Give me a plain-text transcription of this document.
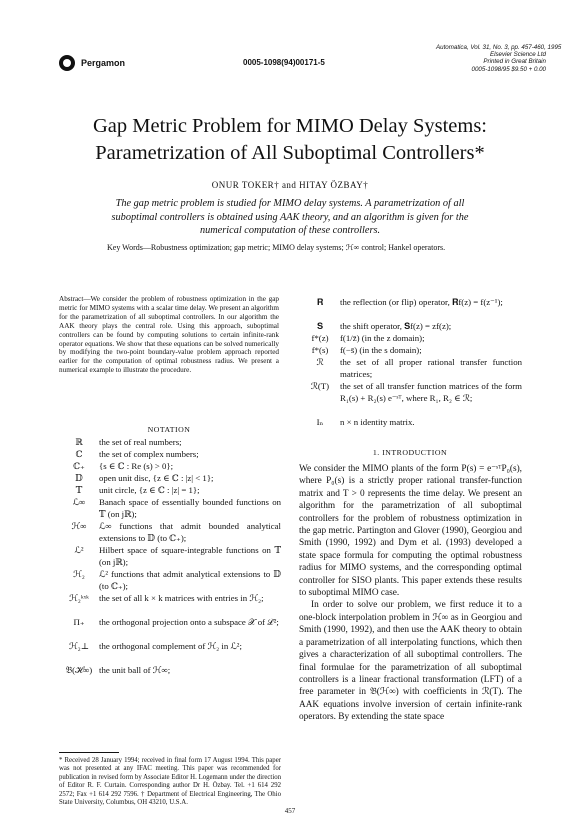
Pergamon	0005-1098(94)00171-5
Automatica, Vol. 31, No. 3, pp. 457-460, 1995
Elsevier Science Ltd
Printed in Great Britain
0005-1098/95 $9.50 + 0.00
Gap Metric Problem for MIMO Delay Systems:
Parametrization of All Suboptimal Controllers*
ONUR TOKER† and HITAY ÖZBAY†
The gap metric problem is studied for MIMO delay systems. A parametrization of all suboptimal controllers is obtained using AAK theory, and an algorithm is given for the numerical computation of these controllers.
Key Words—Robustness optimization; gap metric; MIMO delay systems; ℋ∞ control; Hankel operators.
Abstract—We consider the problem of robustness optimization in the gap metric for MIMO systems with a scalar time delay. We present an algorithm for the parametrization of all suboptimal controllers. In our algorithm the AAK theory plays the central role. Using this approach, suboptimal controllers can be found by computing solutions to certain infinite-rank operator equations. We show that these equations can be solved numerically by modifying the two-point boundary-value problem approach reported earlier for the computation of optimal robustness radius. We present a numerical example to illustrate the procedure.
NOTATION
* Received 28 January 1994; received in final form 17 August 1994. This paper was not presented at any IFAC meeting. This paper was recommended for publication in revised form by Associate Editor H. Logemann under the direction of Editor R. F. Curtain. Corresponding author Dr H. Özbay. Tel. +1 614 292 2572; Fax +1 614 292 7596. † Department of Electrical Engineering, The Ohio State University, Columbus, OH 43210, U.S.A.
1. INTRODUCTION

We consider the MIMO plants of the form P(s) = e⁻ˢᵀP₀(s), where P₀(s) is a strictly proper rational transfer-function matrix and T > 0 represents the time delay. We present an algorithm for the parametrization of all suboptimal controllers for the problem of robustness optimization in the gap metric. Partington and Glover (1990), Georgiou and Smith (1990, 1992) and Dym et al. (1993) developed a state space formula for computing the optimal robustness radius for MIMO systems, and the corresponding optimal controller for SISO plants. This paper extends these results to suboptimal MIMO case.

In order to solve our problem, we first reduce it to a one-block interpolation problem in ℋ∞ as in Georgiou and Smith (1990, 1992), and then use the AAK theory to obtain a parametrization of all interpolating functions, which then gives a characterization of all suboptimal controllers. The final formulae for the parametrization of all suboptimal controllers is a linear fractional transformation (LFT) of a free parameter in 𝔅(ℋ∞) with coefficients in ℛ(T). The AAK equations involve inversion of certain infinite-rank operators. By extending the state space

457
ℝ	the set of real numbers;
ℂ	the set of complex numbers;
ℂ₊	{s ∈ ℂ : Re (s) > 0};
𝔻	open unit disc, {z ∈ ℂ : |z| < 1};
𝕋	unit circle, {z ∈ ℂ : |z| = 1};
ℒ∞	Banach space of essentially bounded functions on 𝕋 (on jℝ);
ℋ∞	ℒ∞ functions that admit bounded analytical extensions to 𝔻 (to ℂ₊);
ℒ²	Hilbert space of square-integrable functions on 𝕋 (on jℝ);
ℋ₂	ℒ² functions that admit analytical extensions to 𝔻 (to ℂ₊);
ℋ₂ᵏˣᵏ	the set of all k × k matrices with entries in ℋ₂;
Π₊	the orthogonal projection onto a subspace 𝒳 of ℒ²;
ℋ₂⊥	the orthogonal complement of ℋ₂ in ℒ²;
𝔅(ℋ∞) the unit ball of ℋ∞;
𝐑	the reflection (or flip) operator, 𝐑f(z) = f(z⁻¹);
𝐒	the shift operator, 𝐒f(z) = zf(z);
f*(z)	f(1/z̄) (in the z domain);
f*(s)	f(−s̄) (in the s domain);
ℛ	the set of all proper rational transfer function matrices;
ℛ(T)	the set of all transfer function matrices of the form R₁(s) + R₂(s) e⁻ˢᵀ, where R₁, R₂ ∈ ℛ;
Iₙ	n × n identity matrix.
